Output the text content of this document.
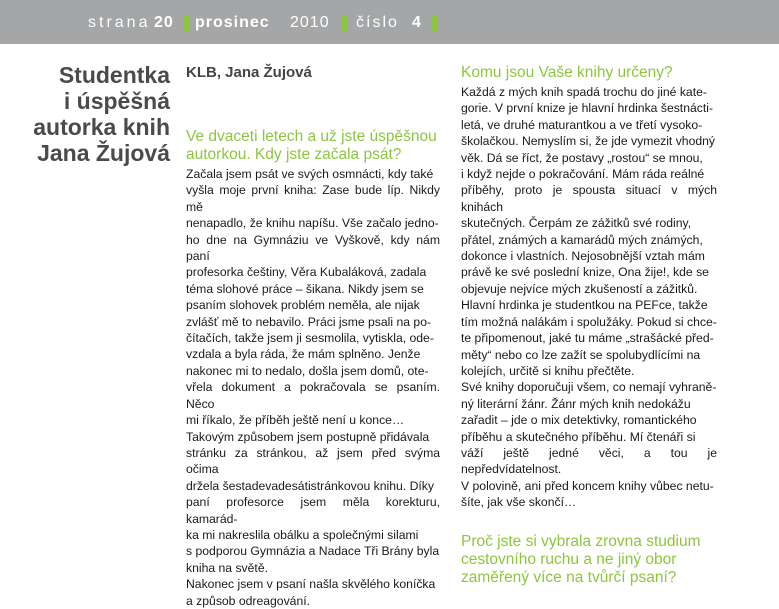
strana 20 prosinec 2010 číslo 4
Studentka
i úspěšná
autorka knih
Jana Žujová
KLB, Jana Žujová
Ve dvaceti letech a už jste úspěšnou autorkou. Kdy jste začala psát?

Začala jsem psát ve svých osmnácti, kdy také
vyšla moje první kniha: Zase bude líp. Nikdy mě
nenapadlo, že knihu napíšu. Vše začalo jedno-
ho dne na Gymnáziu ve Vyškově, kdy nám paní
profesorka češtiny, Věra Kubaláková, zadala
téma slohové práce – šikana. Nikdy jsem se
psaním slohovek problém neměla, ale nijak
zvlášť mě to nebavilo. Práci jsme psali na po-
čítačích, takže jsem ji sesmolila, vytiskla, ode-
vzdala a byla ráda, že mám splněno. Jenže
nakonec mi to nedalo, došla jsem domů, ote-
vřela dokument a pokračovala se psaním. Něco
mi říkalo, že příběh ještě není u konce…

Takovým způsobem jsem postupně přidávala
stránku za stránkou, až jsem před svýma očima
držela šestadevadesátistránkovou knihu. Díky
paní profesorce jsem měla korekturu, kamarád-
ka mi nakreslila obálku a společnými silami
s podporou Gymnázia a Nadace Tři Brány byla
kniha na světě.

Nakonec jsem v psaní našla skvělého koníčka
a způsob odreagování.

Komu jsou Vaše knihy určeny?

Každá z mých knih spadá trochu do jiné kate-
gorie. V první knize je hlavní hrdinka šestnácti-
letá, ve druhé maturantkou a ve třetí vysoko-
školačkou. Nemyslím si, že jde vymezit vhodný
věk. Dá se říct, že postavy „rostou“ se mnou,
i když nejde o pokračování. Mám ráda reálné
příběhy, proto je spousta situací v mých knihách
skutečných. Čerpám ze zážitků své rodiny,
přátel, známých a kamarádů mých známých,
dokonce i vlastních. Nejosobnější vztah mám
právě ke své poslední knize, Ona žije!, kde se
objevuje nejvíce mých zkušeností a zážitků.
Hlavní hrdinka je studentkou na PEFce, takže
tím možná nalákám i spolužáky. Pokud si chce-
te připomenout, jaké tu máme „strašácké před-
měty“ nebo co lze zažít se spolubydlícími na
kolejích, určitě si knihu přečtěte.

Své knihy doporučuji všem, co nemají vyhraně-
ný literární žánr. Žánr mých knih nedokážu
zařadit – jde o mix detektivky, romantického
příběhu a skutečného příběhu. Mí čtenáři si
váží ještě jedné věci, a tou je nepředvídatelnost.
V polovině, ani před koncem knihy vůbec netu-
šíte, jak vše skončí…

Proč jste si vybrala zrovna studium cestovního ruchu a ne jiný obor zaměřený více na tvůrčí psaní?
